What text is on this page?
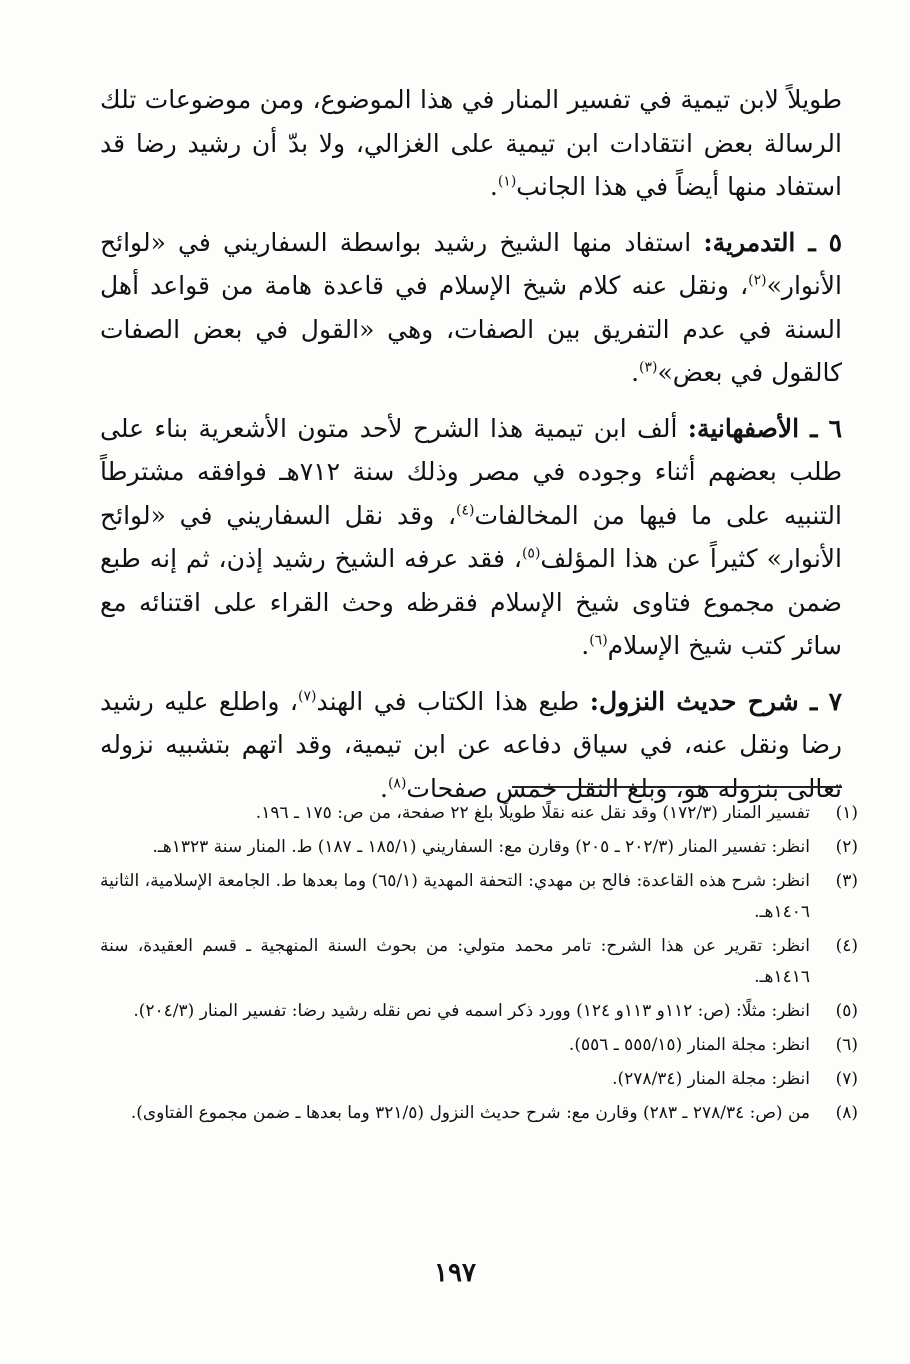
طويلاً لابن تيمية في تفسير المنار في هذا الموضوع، ومن موضوعات تلك الرسالة بعض انتقادات ابن تيمية على الغزالي، ولا بدّ أن رشيد رضا قد استفاد منها أيضاً في هذا الجانب$^{(١)}$.

٥ ـ التدمرية: استفاد منها الشيخ رشيد بواسطة السفاريني في «لوائح الأنوار»$^{(٢)}$، ونقل عنه كلام شيخ الإسلام في قاعدة هامة من قواعد أهل السنة في عدم التفريق بين الصفات، وهي «القول في بعض الصفات كالقول في بعض»$^{(٣)}$.

٦ ـ الأصفهانية: ألف ابن تيمية هذا الشرح لأحد متون الأشعرية بناء على طلب بعضهم أثناء وجوده في مصر وذلك سنة ٧١٢هـ فوافقه مشترطاً التنبيه على ما فيها من المخالفات$^{(٤)}$، وقد نقل السفاريني في «لوائح الأنوار» كثيراً عن هذا المؤلف$^{(٥)}$، فقد عرفه الشيخ رشيد إذن، ثم إنه طبع ضمن مجموع فتاوى شيخ الإسلام فقرظه وحث القراء على اقتنائه مع سائر كتب شيخ الإسلام$^{(٦)}$.

٧ ـ شرح حديث النزول: طبع هذا الكتاب في الهند$^{(٧)}$، واطلع عليه رشيد رضا ونقل عنه، في سياق دفاعه عن ابن تيمية، وقد اتهم بتشبيه نزوله تعالى بنزوله هو، وبلغ النقل خمس صفحات$^{(٨)}$.

(١)
تفسير المنار (١٧٢/٣) وقد نقل عنه نقلًا طويلًا بلغ ٢٢ صفحة، من ص: ١٧٥ ـ ١٩٦.
(٢)
انظر: تفسير المنار (٢٠٢/٣ ـ ٢٠٥) وقارن مع: السفاريني (١٨٥/١ ـ ١٨٧) ط. المنار سنة ١٣٢٣هـ.
(٣)
انظر: شرح هذه القاعدة: فالح بن مهدي: التحفة المهدية (٦٥/١) وما بعدها ط. الجامعة الإسلامية، الثانية ١٤٠٦هـ.
(٤)
انظر: تقرير عن هذا الشرح: تامر محمد متولي: من بحوث السنة المنهجية ـ قسم العقيدة، سنة ١٤١٦هـ.
(٥)
انظر: مثلًا: (ص: ١١٢و ١١٣و ١٢٤) وورد ذكر اسمه في نص نقله رشيد رضا: تفسير المنار (٢٠٤/٣).
(٦)
انظر: مجلة المنار (٥٥٥/١٥ ـ ٥٥٦).
(٧)
انظر: مجلة المنار (٢٧٨/٣٤).
(٨)
من (ص: ٢٧٨/٣٤ ـ ٢٨٣) وقارن مع: شرح حديث النزول (٣٢١/٥ وما بعدها ـ ضمن مجموع الفتاوى).
١٩٧
